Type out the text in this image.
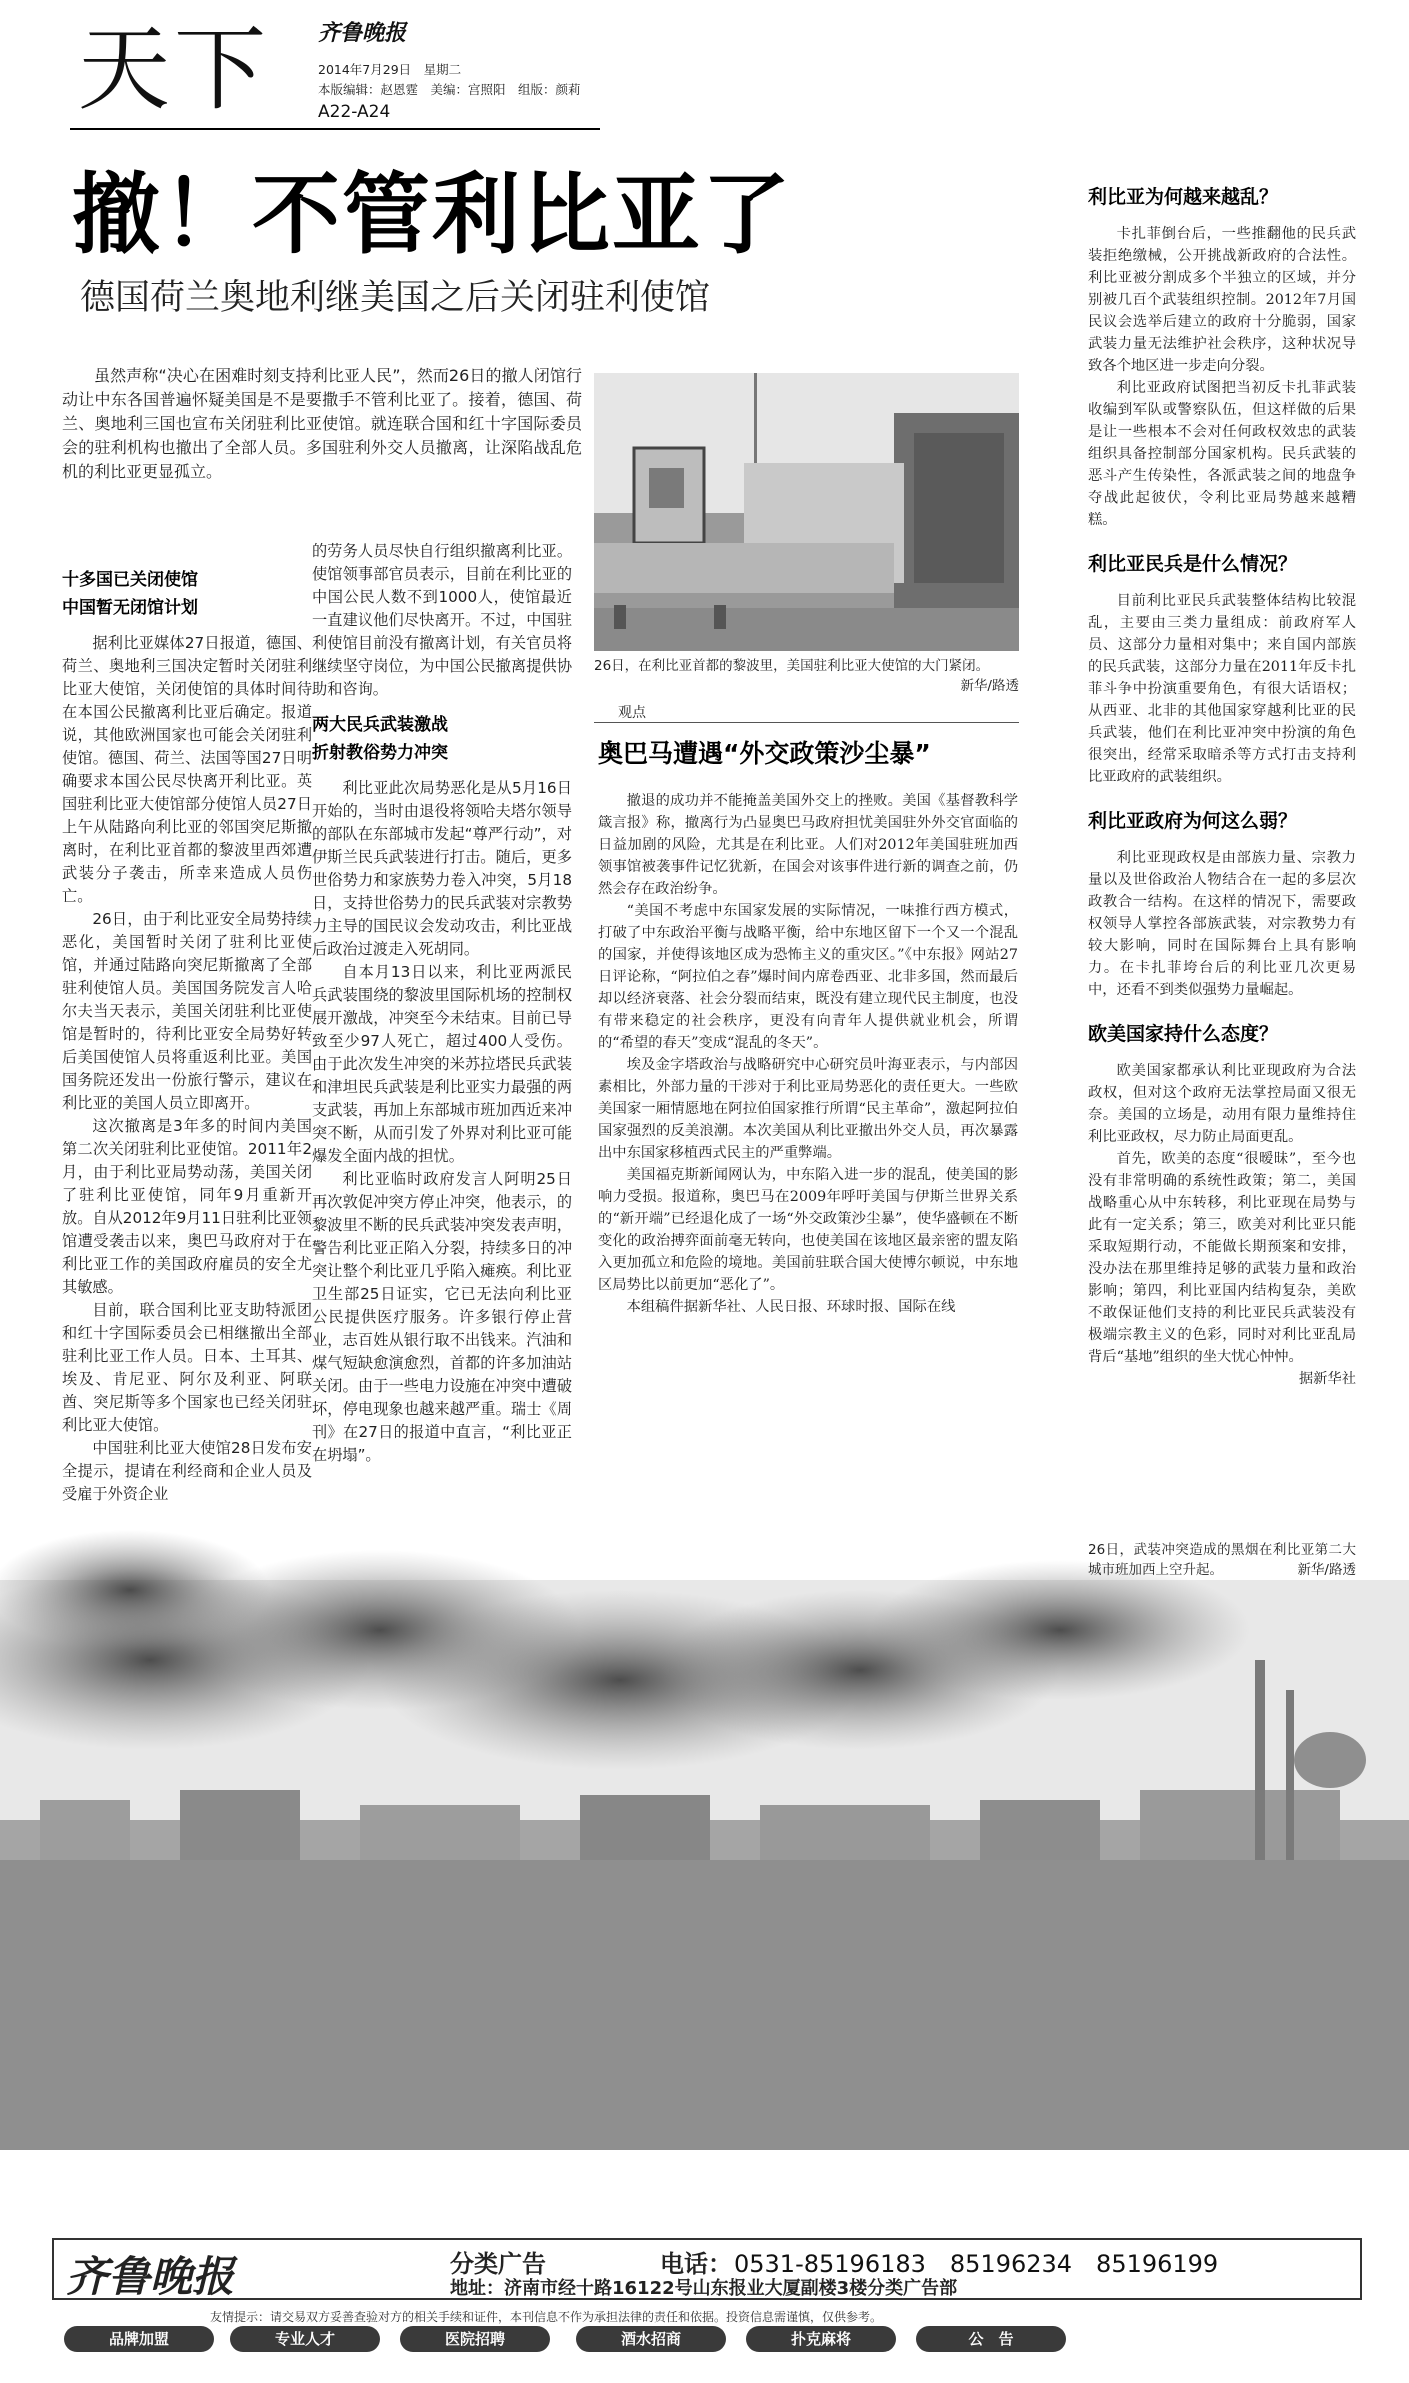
天下 齐鲁晚报
2014年7月29日　星期二
本版编辑：赵恩霆　美编：宫照阳　组版：颜莉
A22-A24
撤！不管利比亚了
德国荷兰奥地利继美国之后关闭驻利使馆

虽然声称“决心在困难时刻支持利比亚人民”，然而26日的撤人闭馆行动让中东各国普遍怀疑美国是不是要撒手不管利比亚了。接着，德国、荷兰、奥地利三国也宣布关闭驻利比亚使馆。就连联合国和红十字国际委员会的驻利机构也撤出了全部人员。多国驻利外交人员撤离，让深陷战乱危机的利比亚更显孤立。

十多国已关闭使馆
中国暂无闭馆计划

据利比亚媒体27日报道，德国、荷兰、奥地利三国决定暂时关闭驻利比亚大使馆，关闭使馆的具体时间待在本国公民撤离利比亚后确定。报道说，其他欧洲国家也可能会关闭驻利使馆。德国、荷兰、法国等国27日明确要求本国公民尽快离开利比亚。英国驻利比亚大使馆部分使馆人员27日上午从陆路向利比亚的邻国突尼斯撤离时，在利比亚首都的黎波里西郊遭武装分子袭击，所幸来造成人员伤亡。

26日，由于利比亚安全局势持续恶化，美国暂时关闭了驻利比亚使馆，并通过陆路向突尼斯撤离了全部驻利使馆人员。美国国务院发言人哈尔夫当天表示，美国关闭驻利比亚使馆是暂时的，待利比亚安全局势好转后美国使馆人员将重返利比亚。美国国务院还发出一份旅行警示，建议在利比亚的美国人员立即离开。

这次撤离是3年多的时间内美国第二次关闭驻利比亚使馆。2011年2月，由于利比亚局势动荡，美国关闭了驻利比亚使馆，同年9月重新开放。自从2012年9月11日驻利比亚领馆遭受袭击以来，奥巴马政府对于在利比亚工作的美国政府雇员的安全尤其敏感。

目前，联合国利比亚支助特派团和红十字国际委员会已相继撤出全部驻利比亚工作人员。日本、土耳其、埃及、肯尼亚、阿尔及利亚、阿联酋、突尼斯等多个国家也已经关闭驻利比亚大使馆。

中国驻利比亚大使馆28日发布安全提示，提请在利经商和企业人员及受雇于外资企业

的劳务人员尽快自行组织撤离利比亚。使馆领事部官员表示，目前在利比亚的中国公民人数不到1000人，使馆最近一直建议他们尽快离开。不过，中国驻利使馆目前没有撤离计划，有关官员将继续坚守岗位，为中国公民撤离提供协助和咨询。

两大民兵武装激战
折射教俗势力冲突

利比亚此次局势恶化是从5月16日开始的，当时由退役将领哈夫塔尔领导的部队在东部城市发起“尊严行动”，对伊斯兰民兵武装进行打击。随后，更多世俗势力和家族势力卷入冲突，5月18日，支持世俗势力的民兵武装对宗教势力主导的国民议会发动攻击，利比亚战后政治过渡走入死胡同。

自本月13日以来，利比亚两派民兵武装围绕的黎波里国际机场的控制权展开激战，冲突至今未结束。目前已导致至少97人死亡，超过400人受伤。由于此次发生冲突的米苏拉塔民兵武装和津坦民兵武装是利比亚实力最强的两支武装，再加上东部城市班加西近来冲突不断，从而引发了外界对利比亚可能爆发全面内战的担忧。

利比亚临时政府发言人阿明25日再次敦促冲突方停止冲突，他表示，的黎波里不断的民兵武装冲突发表声明，警告利比亚正陷入分裂，持续多日的冲突让整个利比亚几乎陷入瘫痪。利比亚卫生部25日证实，它已无法向利比亚公民提供医疗服务。许多银行停止营业，志百姓从银行取不出钱来。汽油和煤气短缺愈演愈烈，首都的许多加油站关闭。由于一些电力设施在冲突中遭破坏，停电现象也越来越严重。瑞士《周刊》在27日的报道中直言，“利比亚正在坍塌”。

26日，在利比亚首都的黎波里，美国驻利比亚大使馆的大门紧闭。
新华/路透
观点
奥巴马遭遇“外交政策沙尘暴”

撤退的成功并不能掩盖美国外交上的挫败。美国《基督教科学箴言报》称，撤离行为凸显奥巴马政府担忧美国驻外外交官面临的日益加剧的风险，尤其是在利比亚。人们对2012年美国驻班加西领事馆被袭事件记忆犹新，在国会对该事件进行新的调查之前，仍然会存在政治纷争。

“美国不考虑中东国家发展的实际情况，一味推行西方模式，打破了中东政治平衡与战略平衡，给中东地区留下一个又一个混乱的国家，并使得该地区成为恐怖主义的重灾区。”《中东报》网站27日评论称，“阿拉伯之春”爆时间内席卷西亚、北非多国，然而最后却以经济衰落、社会分裂而结束，既没有建立现代民主制度，也没有带来稳定的社会秩序，更没有向青年人提供就业机会，所谓的“希望的春天”变成“混乱的冬天”。

埃及金字塔政治与战略研究中心研究员叶海亚表示，与内部因素相比，外部力量的干涉对于利比亚局势恶化的责任更大。一些欧美国家一厢情愿地在阿拉伯国家推行所谓“民主革命”，激起阿拉伯国家强烈的反美浪潮。本次美国从利比亚撤出外交人员，再次暴露出中东国家移植西式民主的严重弊端。

美国福克斯新闻网认为，中东陷入进一步的混乱，使美国的影响力受损。报道称，奥巴马在2009年呼吁美国与伊斯兰世界关系的“新开端”已经退化成了一场“外交政策沙尘暴”，使华盛顿在不断变化的政治搏弈面前毫无转向，也使美国在该地区最亲密的盟友陷入更加孤立和危险的境地。美国前驻联合国大使博尔顿说，中东地区局势比以前更加“恶化了”。

本组稿件据新华社、人民日报、环球时报、国际在线

利比亚为何越来越乱？

卡扎菲倒台后，一些推翻他的民兵武装拒绝缴械，公开挑战新政府的合法性。利比亚被分割成多个半独立的区域，并分别被几百个武装组织控制。2012年7月国民议会选举后建立的政府十分脆弱，国家武装力量无法维护社会秩序，这种状况导致各个地区进一步走向分裂。

利比亚政府试图把当初反卡扎菲武装收编到军队或警察队伍，但这样做的后果是让一些根本不会对任何政权效忠的武装组织具备控制部分国家机构。民兵武装的恶斗产生传染性，各派武装之间的地盘争夺战此起彼伏，令利比亚局势越来越糟糕。

利比亚民兵是什么情况？

目前利比亚民兵武装整体结构比较混乱，主要由三类力量组成：前政府军人员、这部分力量相对集中；来自国内部族的民兵武装，这部分力量在2011年反卡扎菲斗争中扮演重要角色，有很大话语权；从西亚、北非的其他国家穿越利比亚的民兵武装，他们在利比亚冲突中扮演的角色很突出，经常采取暗杀等方式打击支持利比亚政府的武装组织。

利比亚政府为何这么弱？

利比亚现政权是由部族力量、宗教力量以及世俗政治人物结合在一起的多层次政教合一结构。在这样的情况下，需要政权领导人掌控各部族武装，对宗教势力有较大影响，同时在国际舞台上具有影响力。在卡扎菲垮台后的利比亚几次更易中，还看不到类似强势力量崛起。

欧美国家持什么态度？

欧美国家都承认利比亚现政府为合法政权，但对这个政府无法掌控局面又很无奈。美国的立场是，动用有限力量维持住利比亚政权，尽力防止局面更乱。

首先，欧美的态度“很暧昧”，至今也没有非常明确的系统性政策；第二，美国战略重心从中东转移，利比亚现在局势与此有一定关系；第三，欧美对利比亚只能采取短期行动，不能做长期预案和安排，没办法在那里维持足够的武装力量和政治影响；第四，利比亚国内结构复杂，美欧不敢保证他们支持的利比亚民兵武装没有极端宗教主义的色彩，同时对利比亚乱局背后“基地”组织的坐大忧心忡忡。

据新华社

26日，武装冲突造成的黑烟在利比亚第二大城市班加西上空升起。	新华/路透
齐鲁晚报	分类广告	电话： 0531-85196183　85196234　85196199
地址：济南市经十路16122号山东报业大厦副楼3楼分类广告部
友情提示：请交易双方妥善查验对方的相关手续和证件，本刊信息不作为承担法律的责任和依据。投资信息需谨慎，仅供参考。
品牌加盟	专业人才	医院招聘	酒水招商	扑克麻将	公　告
